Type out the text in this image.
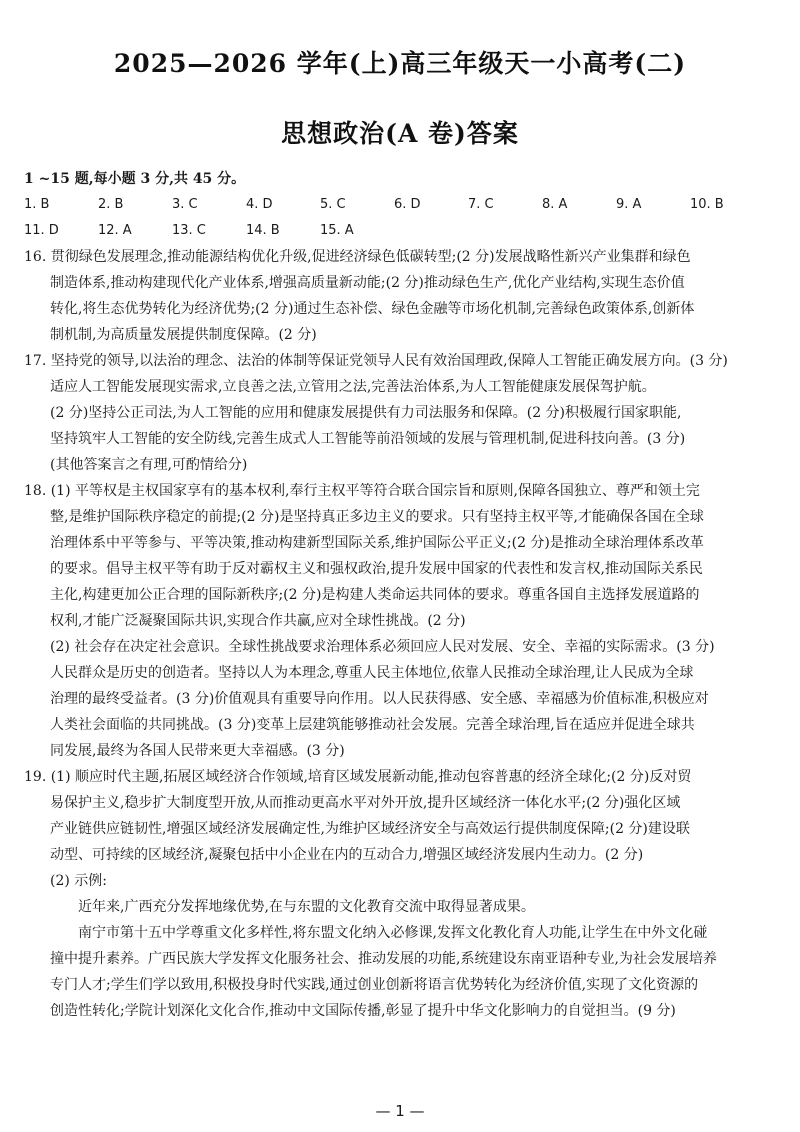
2025—2026 学年(上)高三年级天一小高考(二)
思想政治(A 卷)答案
1 ~15 题,每小题 3 分,共 45 分。
1. B	2. B	3. C	4. D	5. C	6. D	7. C	8. A	9. A	10. B
11. D	12. A	13. C	14. B	15. A
16. 贯彻绿色发展理念,推动能源结构优化升级,促进经济绿色低碳转型;(2 分)发展战略性新兴产业集群和绿色
制造体系,推动构建现代化产业体系,增强高质量新动能;(2 分)推动绿色生产,优化产业结构,实现生态价值
转化,将生态优势转化为经济优势;(2 分)通过生态补偿、绿色金融等市场化机制,完善绿色政策体系,创新体
制机制,为高质量发展提供制度保障。(2 分)
17. 坚持党的领导,以法治的理念、法治的体制等保证党领导人民有效治国理政,保障人工智能正确发展方向。(3 分)
适应人工智能发展现实需求,立良善之法,立管用之法,完善法治体系,为人工智能健康发展保驾护航。
(2 分)坚持公正司法,为人工智能的应用和健康发展提供有力司法服务和保障。(2 分)积极履行国家职能,
坚持筑牢人工智能的安全防线,完善生成式人工智能等前沿领域的发展与管理机制,促进科技向善。(3 分)
(其他答案言之有理,可酌情给分)
18. (1) 平等权是主权国家享有的基本权利,奉行主权平等符合联合国宗旨和原则,保障各国独立、尊严和领土完
整,是维护国际秩序稳定的前提;(2 分)是坚持真正多边主义的要求。只有坚持主权平等,才能确保各国在全球
治理体系中平等参与、平等决策,推动构建新型国际关系,维护国际公平正义;(2 分)是推动全球治理体系改革
的要求。倡导主权平等有助于反对霸权主义和强权政治,提升发展中国家的代表性和发言权,推动国际关系民
主化,构建更加公正合理的国际新秩序;(2 分)是构建人类命运共同体的要求。尊重各国自主选择发展道路的
权利,才能广泛凝聚国际共识,实现合作共赢,应对全球性挑战。(2 分)
(2) 社会存在决定社会意识。全球性挑战要求治理体系必须回应人民对发展、安全、幸福的实际需求。(3 分)
人民群众是历史的创造者。坚持以人为本理念,尊重人民主体地位,依靠人民推动全球治理,让人民成为全球
治理的最终受益者。(3 分)价值观具有重要导向作用。以人民获得感、安全感、幸福感为价值标准,积极应对
人类社会面临的共同挑战。(3 分)变革上层建筑能够推动社会发展。完善全球治理,旨在适应并促进全球共
同发展,最终为各国人民带来更大幸福感。(3 分)
19. (1) 顺应时代主题,拓展区域经济合作领域,培育区域发展新动能,推动包容普惠的经济全球化;(2 分)反对贸
易保护主义,稳步扩大制度型开放,从而推动更高水平对外开放,提升区域经济一体化水平;(2 分)强化区域
产业链供应链韧性,增强区域经济发展确定性,为维护区域经济安全与高效运行提供制度保障;(2 分)建设联
动型、可持续的区域经济,凝聚包括中小企业在内的互动合力,增强区域经济发展内生动力。(2 分)
(2) 示例:
近年来,广西充分发挥地缘优势,在与东盟的文化教育交流中取得显著成果。
南宁市第十五中学尊重文化多样性,将东盟文化纳入必修课,发挥文化教化育人功能,让学生在中外文化碰
撞中提升素养。广西民族大学发挥文化服务社会、推动发展的功能,系统建设东南亚语种专业,为社会发展培养
专门人才;学生们学以致用,积极投身时代实践,通过创业创新将语言优势转化为经济价值,实现了文化资源的
创造性转化;学院计划深化文化合作,推动中文国际传播,彰显了提升中华文化影响力的自觉担当。(9 分)
— 1 —
